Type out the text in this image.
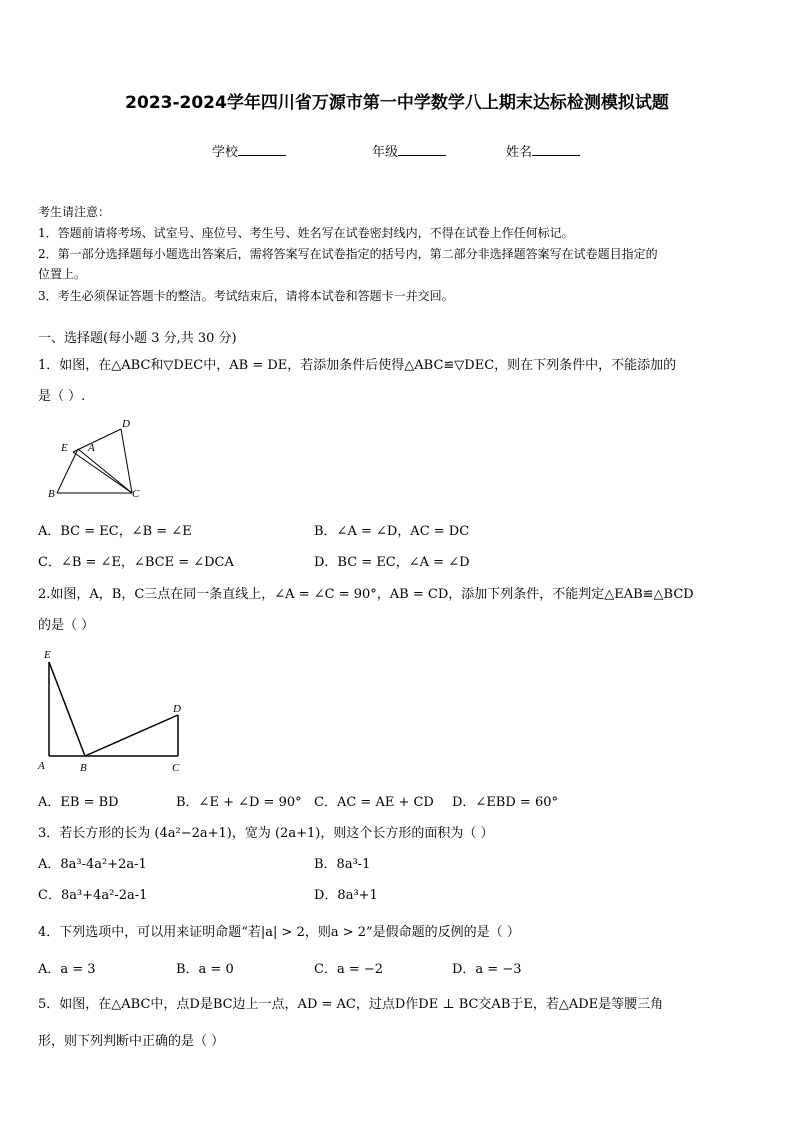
2023-2024学年四川省万源市第一中学数学八上期末达标检测模拟试题
学校	年级	姓名
考生请注意：
1．答题前请将考场、试室号、座位号、考生号、姓名写在试卷密封线内，不得在试卷上作任何标记。
2．第一部分选择题每小题选出答案后，需将答案写在试卷指定的括号内，第二部分非选择题答案写在试卷题目指定的
位置上。
3．考生必须保证答题卡的整洁。考试结束后，请将本试卷和答题卡一并交回。
一、选择题(每小题 3 分,共 30 分)
1．如图，在△ABC和▽DEC中，AB = DE，若添加条件后使得△ABC≌▽DEC，则在下列条件中，不能添加的
是（ ）.
D
E A
B	C
A．BC = EC，∠B = ∠E	B．∠A = ∠D，AC = DC
C．∠B = ∠E，∠BCE = ∠DCA	D．BC = EC，∠A = ∠D
2.如图，A，B，C三点在同一条直线上，∠A = ∠C = 90°，AB = CD，添加下列条件，不能判定△EAB≌△BCD
的是（ ）
E
D
A	B	C
A．EB = BD	B．∠E + ∠D = 90° C．AC = AE + CD D．∠EBD = 60°
3．若长方形的长为 (4a²−2a+1)，宽为 (2a+1)，则这个长方形的面积为（ ）
A．8a³-4a²+2a-1	B．8a³-1
C．8a³+4a²-2a-1	D．8a³+1
4．下列选项中，可以用来证明命题“若|a| > 2，则a > 2”是假命题的反例的是（ ）
A．a = 3	B．a = 0	C．a = −2	D．a = −3
5．如图，在△ABC中，点D是BC边上一点，AD = AC，过点D作DE ⊥ BC交AB于E，若△ADE是等腰三角
形，则下列判断中正确的是（ ）
